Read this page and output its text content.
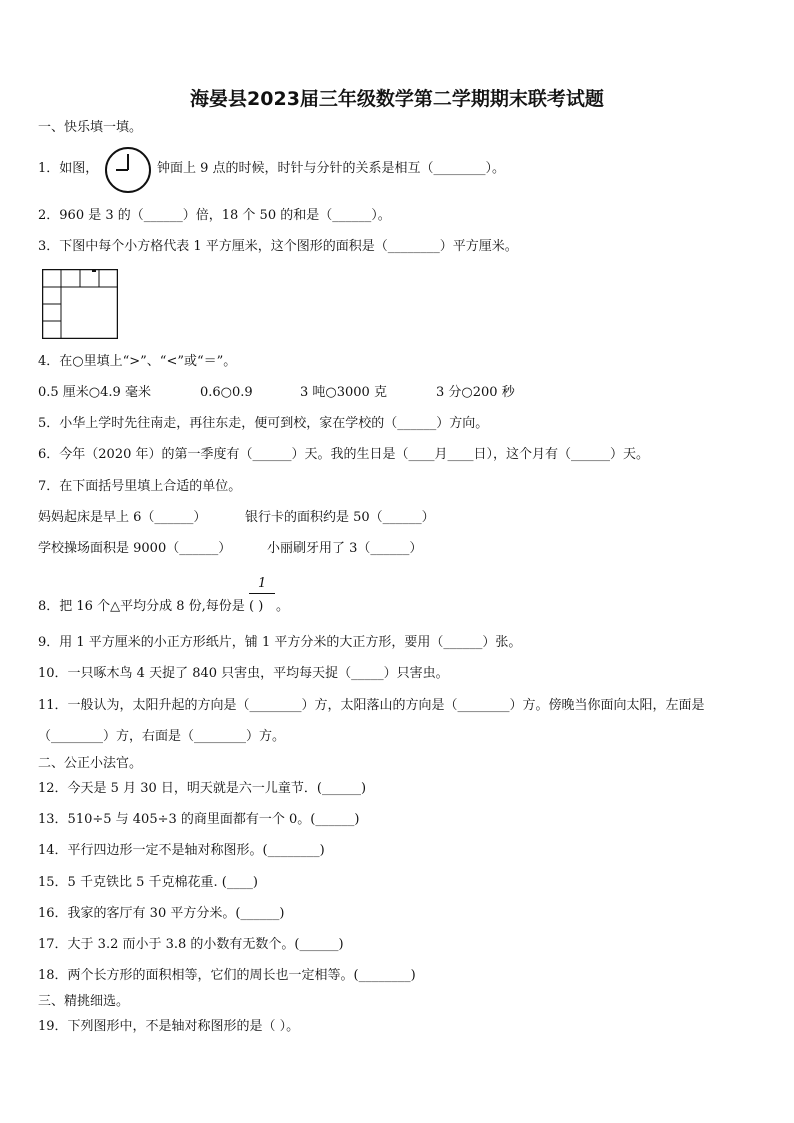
海晏县2023届三年级数学第二学期期末联考试题
一、快乐填一填。
1．如图，	钟面上 9 点的时候，时针与分针的关系是相互（________）。
2．960 是 3 的（______）倍，18 个 50 的和是（______）。
3．下图中每个小方格代表 1 平方厘米，这个图形的面积是（________）平方厘米。
4．在○里填上“>”、“<”或“＝”。
0.5 厘米○4.9 毫米	0.6○0.9	3 吨○3000 克	3 分○200 秒
5．小华上学时先往南走，再往东走，便可到校，家在学校的（______）方向。
6．今年（2020 年）的第一季度有（______）天。我的生日是（____月____日），这个月有（______）天。
7．在下面括号里填上合适的单位。
妈妈起床是早上 6（______）	银行卡的面积约是 50（______）
学校操场面积是 9000（______）	小丽刷牙用了 3（______）
1
8．把 16 个△平均分成 8 份,每份是 ( ) 。
9．用 1 平方厘米的小正方形纸片，铺 1 平方分米的大正方形，要用（______）张。
10．一只啄木鸟 4 天捉了 840 只害虫，平均每天捉（_____）只害虫。
11．一般认为，太阳升起的方向是（________）方，太阳落山的方向是（________）方。傍晚当你面向太阳，左面是
（________）方，右面是（________）方。
二、公正小法官。
12．今天是 5 月 30 日，明天就是六一儿童节．(______)
13．510÷5 与 405÷3 的商里面都有一个 0。(______)
14．平行四边形一定不是轴对称图形。(________)
15．5 千克铁比 5 千克棉花重. (____)
16．我家的客厅有 30 平方分米。(______)
17．大于 3.2 而小于 3.8 的小数有无数个。(______)
18．两个长方形的面积相等，它们的周长也一定相等。(________)
三、精挑细选。
19．下列图形中，不是轴对称图形的是（ ）。
